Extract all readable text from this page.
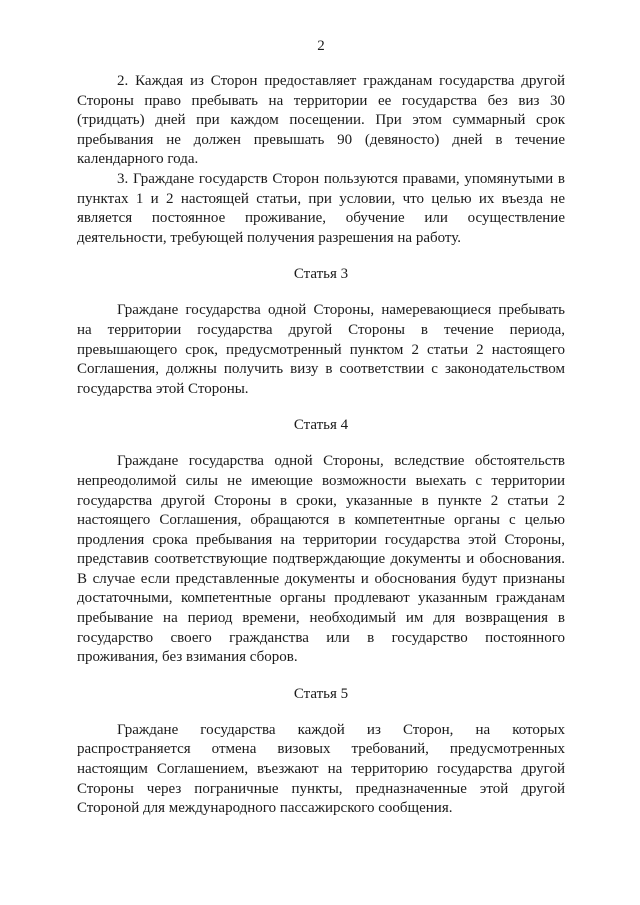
2

2. Каждая из Сторон предоставляет гражданам государства другой Стороны право пребывать на территории ее государства без виз 30 (тридцать) дней при каждом посещении. При этом суммарный срок пребывания не должен превышать 90 (девяносто) дней в течение календарного года.

3. Граждане государств Сторон пользуются правами, упомянутыми в пунктах 1 и 2 настоящей статьи, при условии, что целью их въезда не является постоянное проживание, обучение или осуществление деятельности, требующей получения разрешения на работу.

Статья 3

Граждане государства одной Стороны, намеревающиеся пребывать на территории государства другой Стороны в течение периода, превышающего срок, предусмотренный пунктом 2 статьи 2 настоящего Соглашения, должны получить визу в соответствии с законодательством государства этой Стороны.

Статья 4

Граждане государства одной Стороны, вследствие обстоятельств непреодолимой силы не имеющие возможности выехать с территории государства другой Стороны в сроки, указанные в пункте 2 статьи 2 настоящего Соглашения, обращаются в компетентные органы с целью продления срока пребывания на территории государства этой Стороны, представив соответствующие подтверждающие документы и обоснования. В случае если представленные документы и обоснования будут признаны достаточными, компетентные органы продлевают указанным гражданам пребывание на период времени, необходимый им для возвращения в государство своего гражданства или в государство постоянного проживания, без взимания сборов.

Статья 5

Граждане государства каждой из Сторон, на которых распространяется отмена визовых требований, предусмотренных настоящим Соглашением, въезжают на территорию государства другой Стороны через пограничные пункты, предназначенные этой другой Стороной для международного пассажирского сообщения.
